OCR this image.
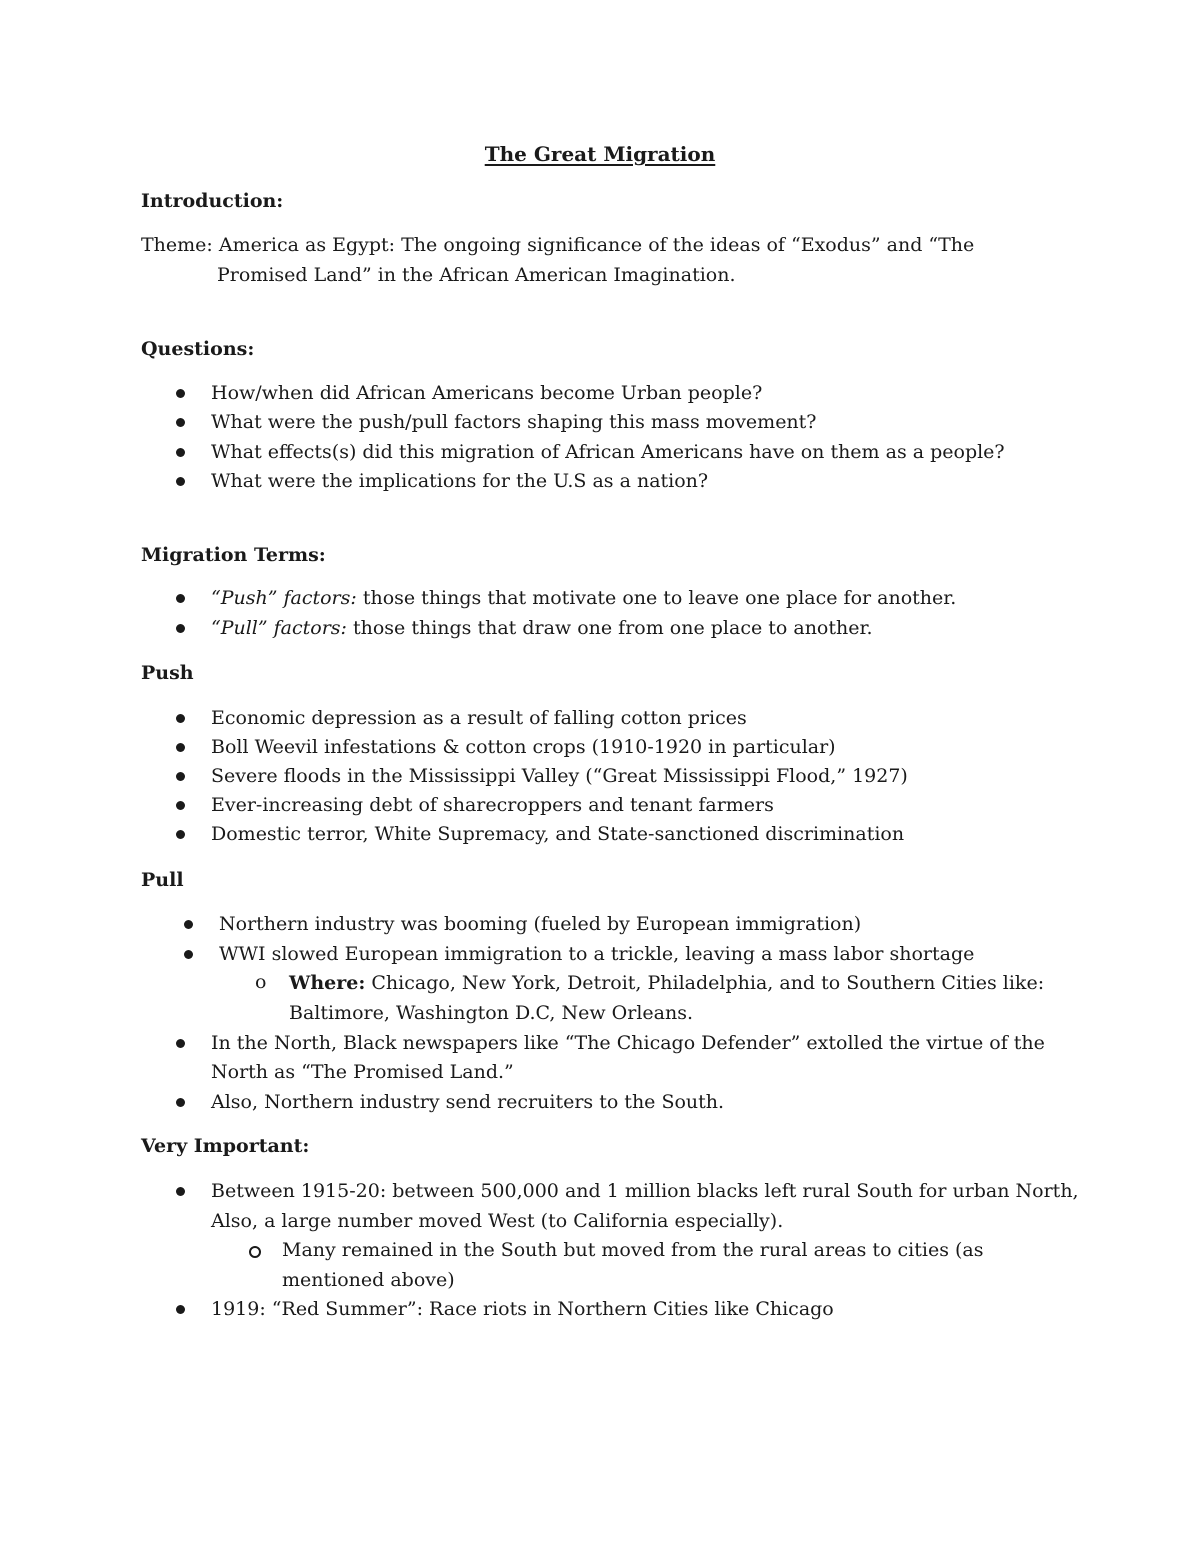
The Great Migration

Introduction:

Theme: America as Egypt: The ongoing significance of the ideas of “Exodus” and “The

Promised Land” in the African American Imagination.

Questions:

How/when did African Americans become Urban people?

What were the push/pull factors shaping this mass movement?

What effects(s) did this migration of African Americans have on them as a people?

What were the implications for the U.S as a nation?

Migration Terms:

“Push” factors: those things that motivate one to leave one place for another.

“Pull” factors: those things that draw one from one place to another.

Push

Economic depression as a result of falling cotton prices

Boll Weevil infestations & cotton crops (1910-1920 in particular)

Severe floods in the Mississippi Valley (“Great Mississippi Flood,” 1927)

Ever-increasing debt of sharecroppers and tenant farmers

Domestic terror, White Supremacy, and State-sanctioned discrimination

Pull

Northern industry was booming (fueled by European immigration)

WWI slowed European immigration to a trickle, leaving a mass labor shortage

o Where: Chicago, New York, Detroit, Philadelphia, and to Southern Cities like:

Baltimore, Washington D.C, New Orleans.

In the North, Black newspapers like “The Chicago Defender” extolled the virtue of the

North as “The Promised Land.”

Also, Northern industry send recruiters to the South.

Very Important:

Between 1915-20: between 500,000 and 1 million blacks left rural South for urban North,

Also, a large number moved West (to California especially).

Many remained in the South but moved from the rural areas to cities (as

mentioned above)

1919: “Red Summer”: Race riots in Northern Cities like Chicago
